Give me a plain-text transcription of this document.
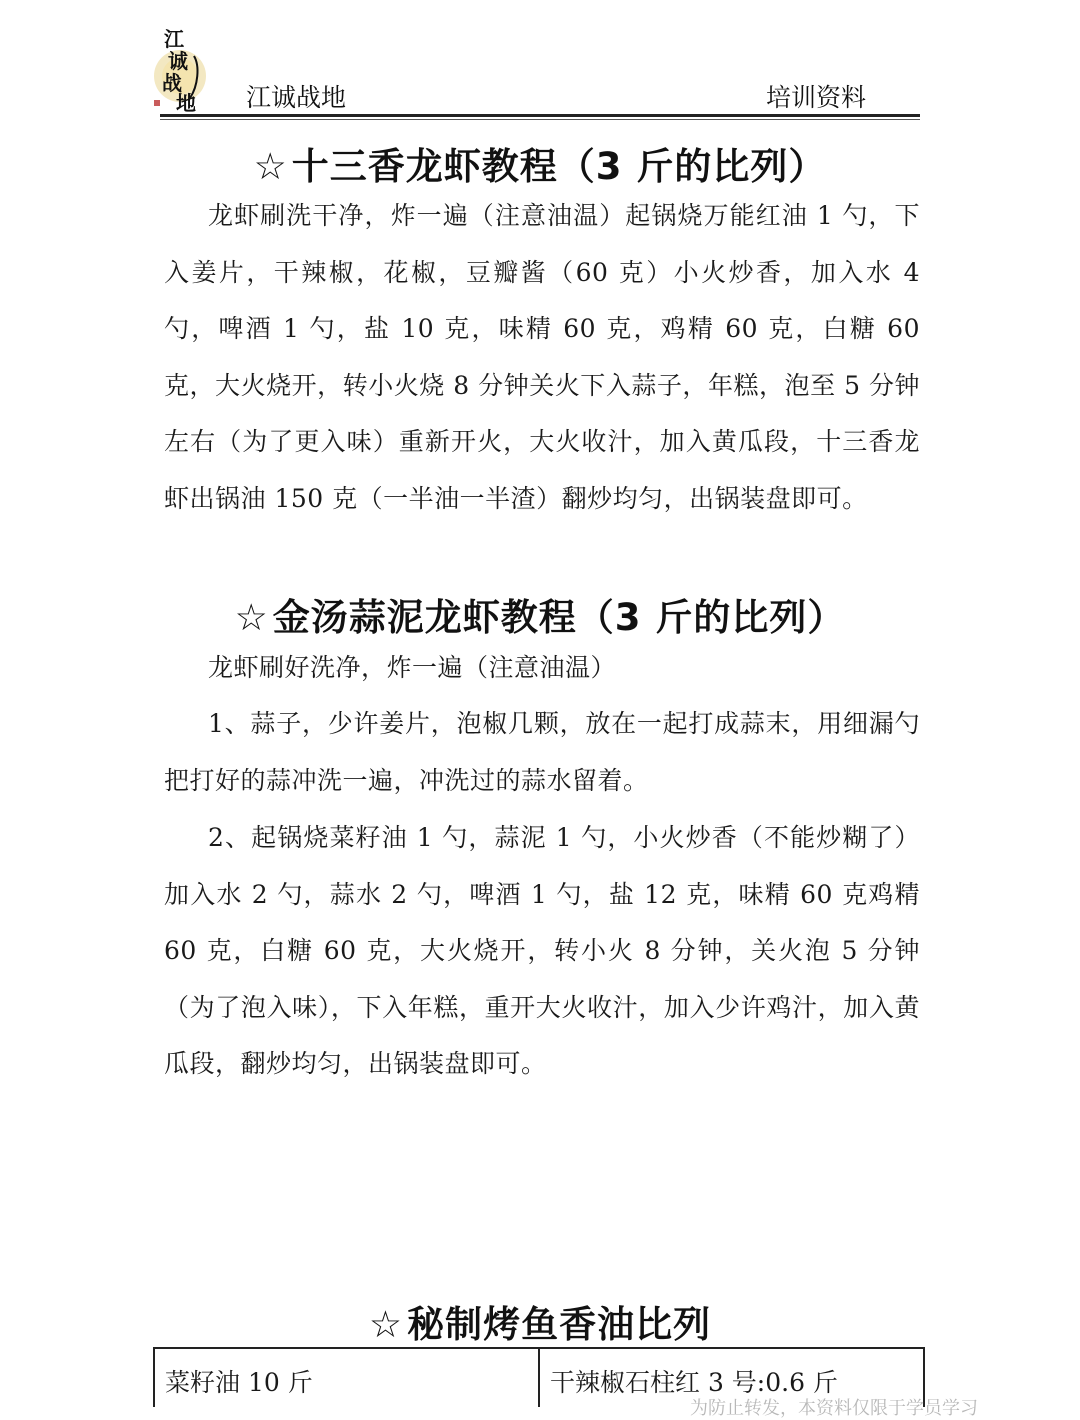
江
诚
战
地 江诚战地	培训资料
☆ 十三香龙虾教程（3 斤的比列）
龙虾刷洗干净，炸一遍（注意油温）起锅烧万能红油 1 勺，下入姜片，干辣椒，花椒，豆瓣酱（60 克）小火炒香，加入水 4 勺，啤酒 1 勺，盐 10 克，味精 60 克，鸡精 60 克，白糖 60 克，大火烧开，转小火烧 8 分钟关火下入蒜子，年糕，泡至 5 分钟左右（为了更入味）重新开火，大火收汁，加入黄瓜段，十三香龙虾出锅油 150 克（一半油一半渣）翻炒均匀，出锅装盘即可。
☆ 金汤蒜泥龙虾教程（3 斤的比列）
龙虾刷好洗净，炸一遍（注意油温）
1、蒜子，少许姜片，泡椒几颗，放在一起打成蒜末，用细漏勺把打好的蒜冲洗一遍，冲洗过的蒜水留着。
2、起锅烧菜籽油 1 勺，蒜泥 1 勺，小火炒香（不能炒糊了）加入水 2 勺，蒜水 2 勺，啤酒 1 勺，盐 12 克，味精 60 克鸡精 60 克，白糖 60 克，大火烧开，转小火 8 分钟，关火泡 5 分钟（为了泡入味），下入年糕，重开大火收汁，加入少许鸡汁，加入黄瓜段，翻炒均匀，出锅装盘即可。
☆ 秘制烤鱼香油比列
菜籽油 10 斤	干辣椒石柱红 3 号:0.6 斤
为防止转发，本资料仅限于学员学习
